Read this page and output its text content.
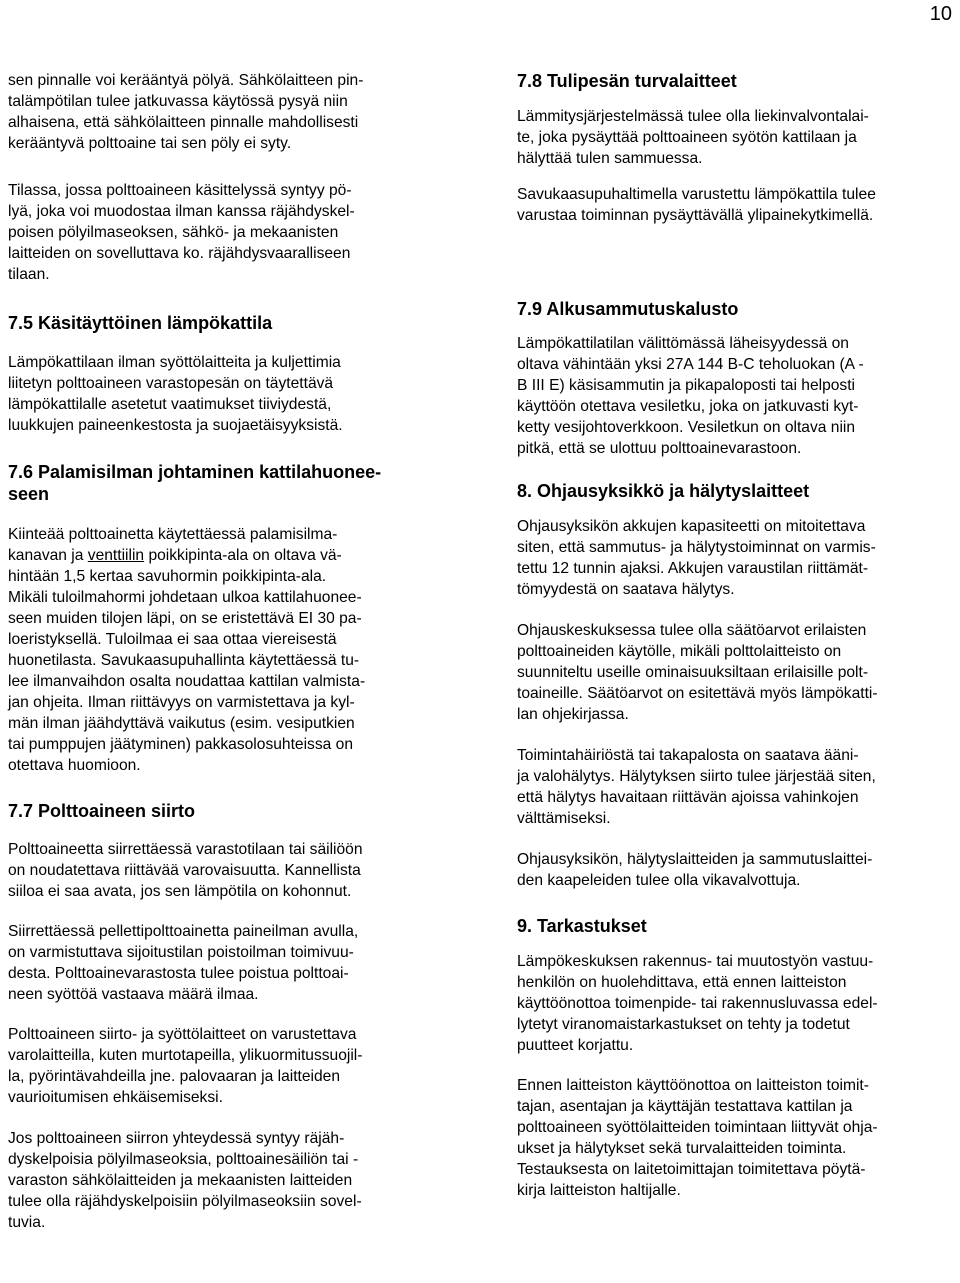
10

sen pinnalle voi kerääntyä pölyä. Sähkölaitteen pin-
talämpötilan tulee jatkuvassa käytössä pysyä niin
alhaisena, että sähkölaitteen pinnalle mahdollisesti
kerääntyvä polttoaine tai sen pöly ei syty.

Tilassa, jossa polttoaineen käsittelyssä syntyy pö-
lyä, joka voi muodostaa ilman kanssa räjähdyskel-
poisen pölyilmaseoksen, sähkö- ja mekaanisten
laitteiden on sovelluttava ko. räjähdysvaaralliseen
tilaan.

7.5 Käsitäyttöinen lämpökattila

Lämpökattilaan ilman syöttölaitteita ja kuljettimia
liitetyn polttoaineen varastopesän on täytettävä
lämpökattilalle asetetut vaatimukset tiiviydestä,
luukkujen paineenkestosta ja suojaetäisyyksistä.

7.6 Palamisilman johtaminen kattilahuonee-
seen

Kiinteää polttoainetta käytettäessä palamisilma-
kanavan ja venttiilin poikkipinta-ala on oltava vä-
hintään 1,5 kertaa savuhormin poikkipinta-ala.
Mikäli tuloilmahormi johdetaan ulkoa kattilahuonee-
seen muiden tilojen läpi, on se eristettävä EI 30 pa-
loeristyksellä. Tuloilmaa ei saa ottaa viereisestä
huonetilasta. Savukaasupuhallinta käytettäessä tu-
lee ilmanvaihdon osalta noudattaa kattilan valmista-
jan ohjeita. Ilman riittävyys on varmistettava ja kyl-
män ilman jäähdyttävä vaikutus (esim. vesiputkien
tai pumppujen jäätyminen) pakkasolosuhteissa on
otettava huomioon.

7.7 Polttoaineen siirto

Polttoaineetta siirrettäessä varastotilaan tai säiliöön
on noudatettava riittävää varovaisuutta. Kannellista
siiloa ei saa avata, jos sen lämpötila on kohonnut.

Siirrettäessä pellettipolttoainetta paineilman avulla,
on varmistuttava sijoitustilan poistoilman toimivuu-
desta. Polttoainevarastosta tulee poistua polttoai-
neen syöttöä vastaava määrä ilmaa.

Polttoaineen siirto- ja syöttölaitteet on varustettava
varolaitteilla, kuten murtotapeilla, ylikuormitussuojil-
la, pyörintävahdeilla jne. palovaaran ja laitteiden
vaurioitumisen ehkäisemiseksi.

Jos polttoaineen siirron yhteydessä syntyy räjäh-
dyskelpoisia pölyilmaseoksia, polttoainesäiliön tai -
varaston sähkölaitteiden ja mekaanisten laitteiden
tulee olla räjähdyskelpoisiin pölyilmaseoksiin sovel-
tuvia.

7.8 Tulipesän turvalaitteet

Lämmitysjärjestelmässä tulee olla liekinvalvontalai-
te, joka pysäyttää polttoaineen syötön kattilaan ja
hälyttää tulen sammuessa.

Savukaasupuhaltimella varustettu lämpökattila tulee
varustaa toiminnan pysäyttävällä ylipainekytkimellä.

7.9 Alkusammutuskalusto

Lämpökattilatilan välittömässä läheisyydessä on
oltava vähintään yksi 27A 144 B-C teholuokan (A -
B III E) käsisammutin ja pikapaloposti tai helposti
käyttöön otettava vesiletku, joka on jatkuvasti kyt-
ketty vesijohtoverkkoon. Vesiletkun on oltava niin
pitkä, että se ulottuu polttoainevarastoon.

8. Ohjausyksikkö ja hälytyslaitteet

Ohjausyksikön akkujen kapasiteetti on mitoitettava
siten, että sammutus- ja hälytystoiminnat on varmis-
tettu 12 tunnin ajaksi. Akkujen varaustilan riittämät-
tömyydestä on saatava hälytys.

Ohjauskeskuksessa tulee olla säätöarvot erilaisten
polttoaineiden käytölle, mikäli polttolaitteisto on
suunniteltu useille ominaisuuksiltaan erilaisille polt-
toaineille. Säätöarvot on esitettävä myös lämpökatti-
lan ohjekirjassa.

Toimintahäiriöstä tai takapalosta on saatava ääni-
ja valohälytys. Hälytyksen siirto tulee järjestää siten,
että hälytys havaitaan riittävän ajoissa vahinkojen
välttämiseksi.

Ohjausyksikön, hälytyslaitteiden ja sammutuslaittei-
den kaapeleiden tulee olla vikavalvottuja.

9. Tarkastukset

Lämpökeskuksen rakennus- tai muutostyön vastuu-
henkilön on huolehdittava, että ennen laitteiston
käyttöönottoa toimenpide- tai rakennusluvassa edel-
lytetyt viranomaistarkastukset on tehty ja todetut
puutteet korjattu.

Ennen laitteiston käyttöönottoa on laitteiston toimit-
tajan, asentajan ja käyttäjän testattava kattilan ja
polttoaineen syöttölaitteiden toimintaan liittyvät ohja-
ukset ja hälytykset sekä turvalaitteiden toiminta.
Testauksesta on laitetoimittajan toimitettava pöytä-
kirja laitteiston haltijalle.
